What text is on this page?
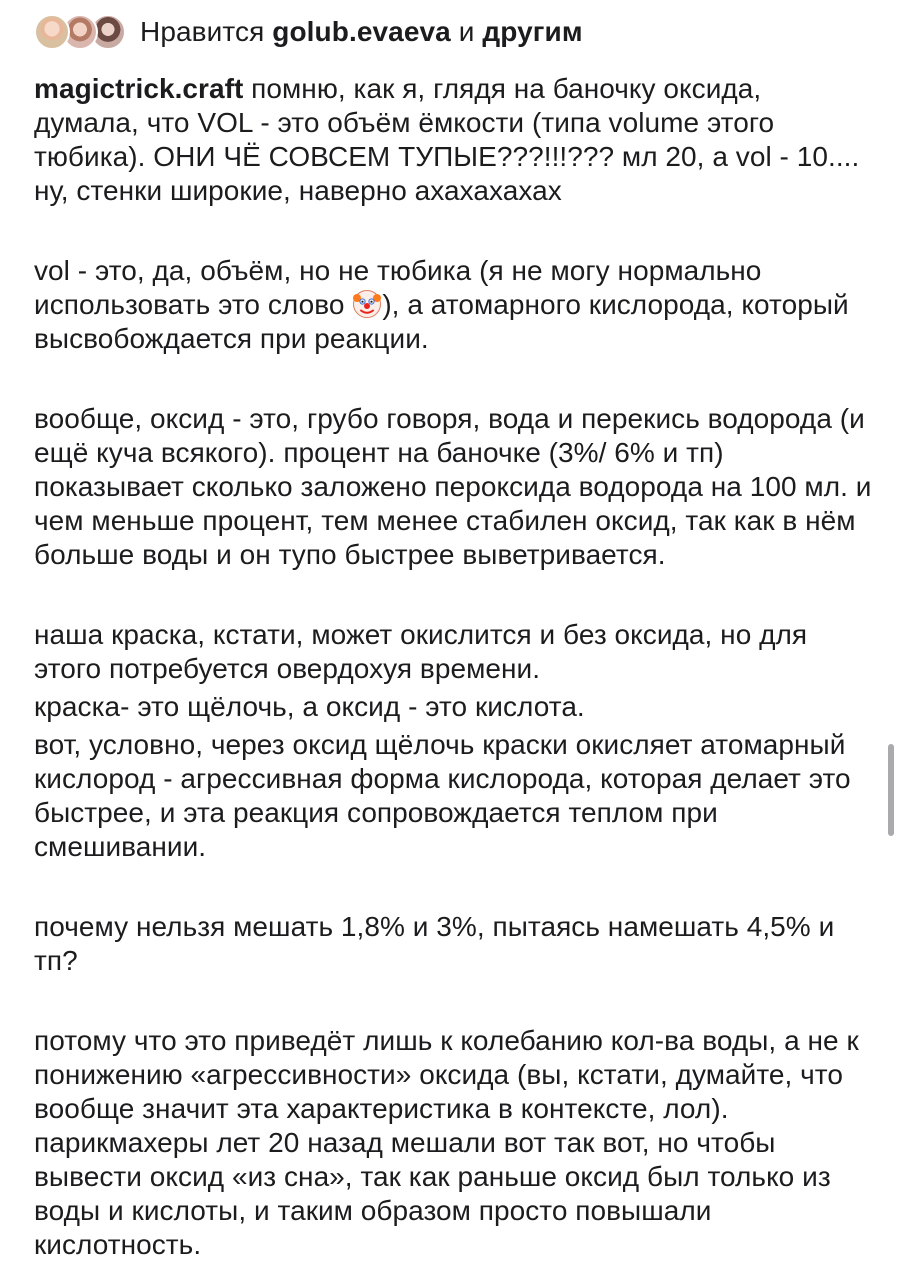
Нравится golub.evaeva и другим

magictrick.craft помню, как я, глядя на баночку оксида, думала, что VOL - это объём ёмкости (типа volume этого тюбика). ОНИ ЧЁ СОВСЕМ ТУПЫЕ???!!!??? мл 20, а vol - 10.... ну, стенки широкие, наверно ахахахахах

vol - это, да, объём, но не тюбика (я не могу нормально использовать это слово ), а атомарного кислорода, который высвобождается при реакции.

вообще, оксид - это, грубо говоря, вода и перекись водорода (и ещё куча всякого). процент на баночке (3%/ 6% и тп) показывает сколько заложено пероксида водорода на 100 мл. и чем меньше процент, тем менее стабилен оксид, так как в нём больше воды и он тупо быстрее выветривается.

наша краска, кстати, может окислится и без оксида, но для этого потребуется овердохуя времени.

краска- это щёлочь, а оксид - это кислота.

вот, условно, через оксид щёлочь краски окисляет атомарный кислород - агрессивная форма кислорода, которая делает это быстрее, и эта реакция сопровождается теплом при смешивании.

почему нельзя мешать 1,8% и 3%, пытаясь намешать 4,5% и тп?

потому что это приведёт лишь к колебанию кол-ва воды, а не к понижению «агрессивности» оксида (вы, кстати, думайте, что вообще значит эта характеристика в контексте, лол). парикмахеры лет 20 назад мешали вот так вот, но чтобы вывести оксид «из сна», так как раньше оксид был только из воды и кислоты, и таким образом просто повышали кислотность.
